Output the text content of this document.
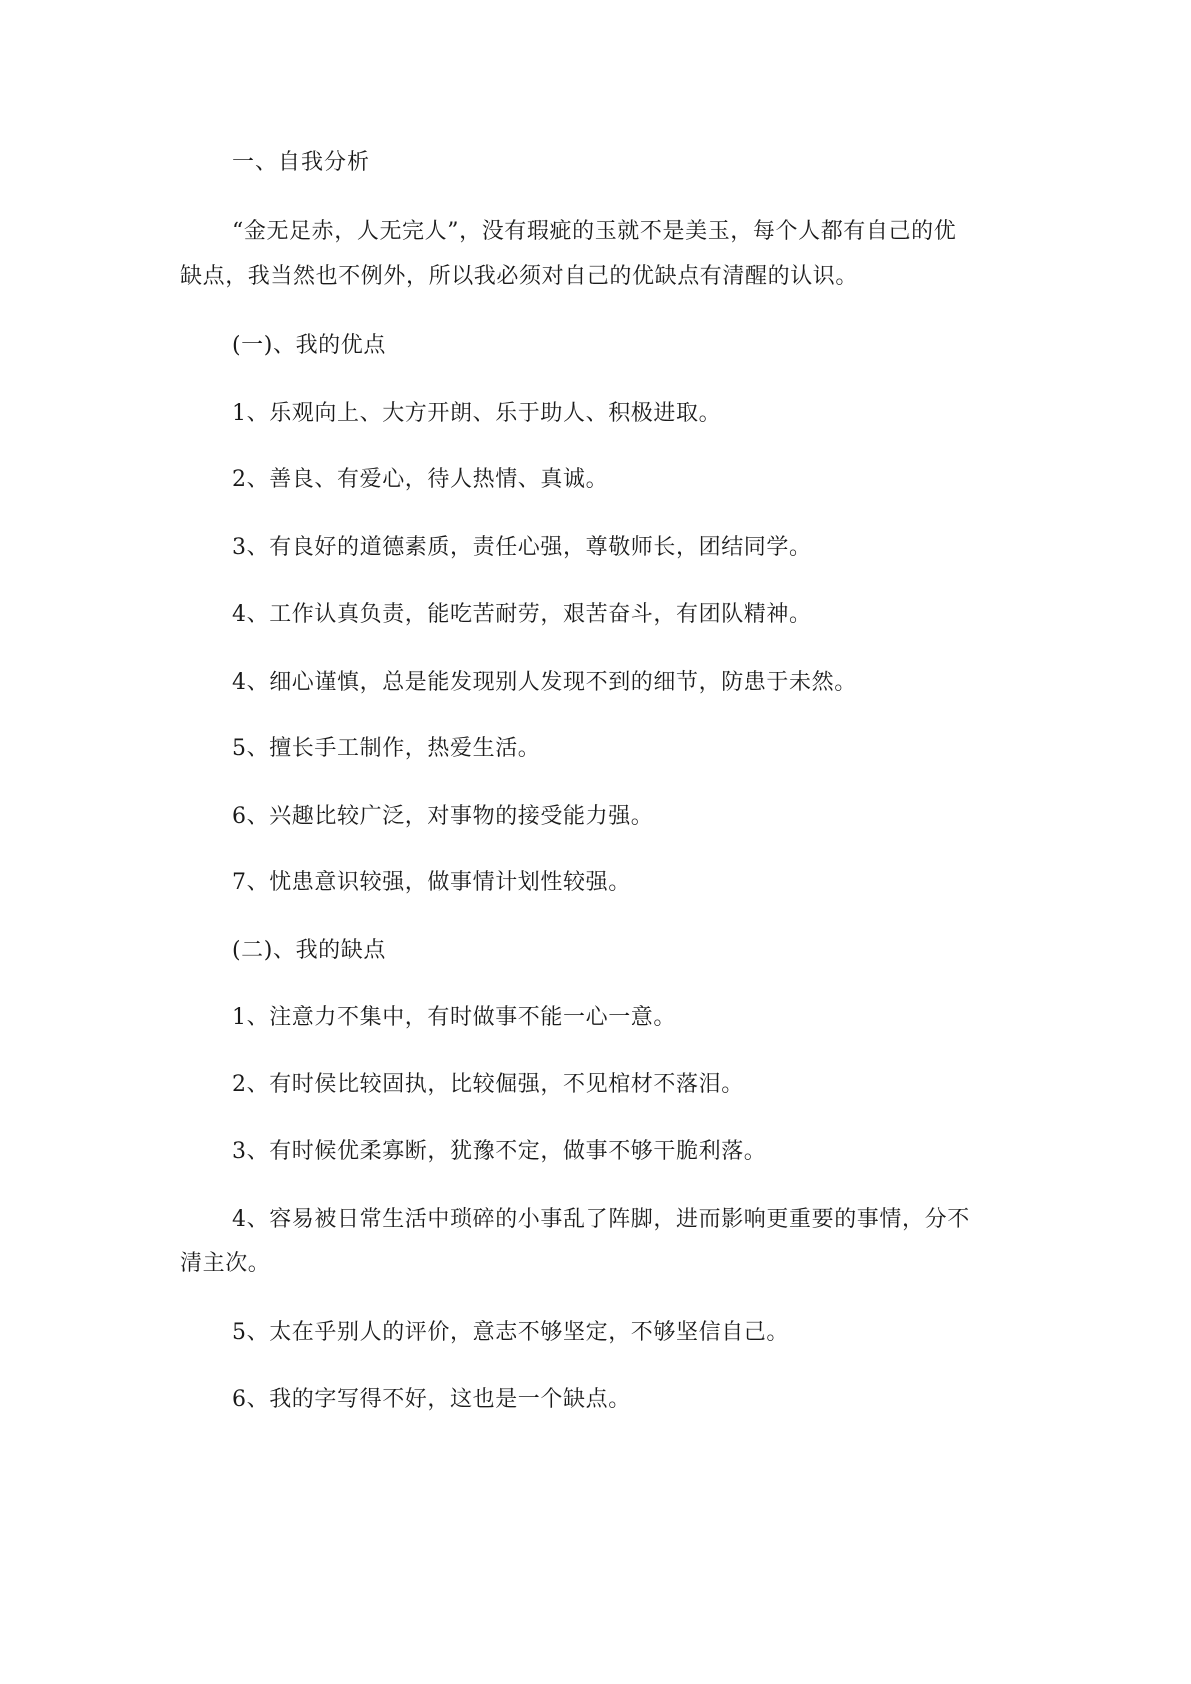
一、自我分析
“金无足赤，人无完人”，没有瑕疵的玉就不是美玉，每个人都有自己的优
缺点，我当然也不例外，所以我必须对自己的优缺点有清醒的认识。
(一)、我的优点
1、乐观向上、大方开朗、乐于助人、积极进取。
2、善良、有爱心，待人热情、真诚。
3、有良好的道德素质，责任心强，尊敬师长，团结同学。
4、工作认真负责，能吃苦耐劳，艰苦奋斗，有团队精神。
4、细心谨慎，总是能发现别人发现不到的细节，防患于未然。
5、擅长手工制作，热爱生活。
6、兴趣比较广泛，对事物的接受能力强。
7、忧患意识较强，做事情计划性较强。
(二)、我的缺点
1、注意力不集中，有时做事不能一心一意。
2、有时侯比较固执，比较倔强，不见棺材不落泪。
3、有时候优柔寡断，犹豫不定，做事不够干脆利落。
4、容易被日常生活中琐碎的小事乱了阵脚，进而影响更重要的事情，分不
清主次。
5、太在乎别人的评价，意志不够坚定，不够坚信自己。
6、我的字写得不好，这也是一个缺点。
